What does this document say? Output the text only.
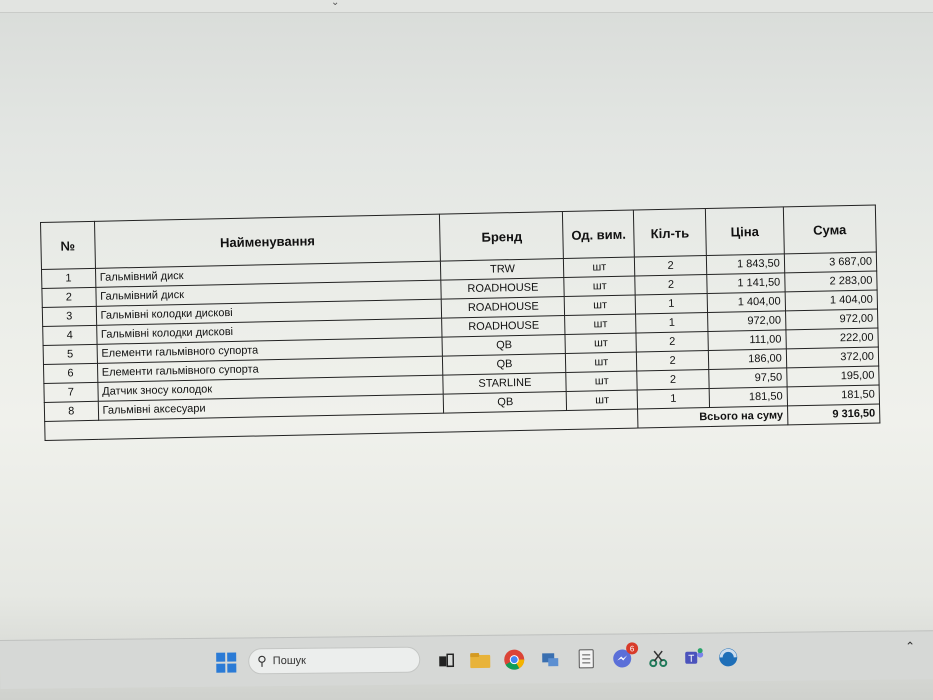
⌄
№	Найменування	Бренд	Од. вим.	Кіл-ть	Ціна	Сума
1	Гальмівний диск	TRW	шт	2	1 843,50	3 687,00
2	Гальмівний диск	ROADHOUSE	шт	2	1 141,50	2 283,00
3	Гальмівні колодки дискові	ROADHOUSE	шт	1	1 404,00	1 404,00
4	Гальмівні колодки дискові	ROADHOUSE	шт	1	972,00	972,00
5	Елементи гальмівного супорта	QB	шт	2	111,00	222,00
6	Елементи гальмівного супорта	QB	шт	2	186,00	372,00
7	Датчик зносу колодок	STARLINE	шт	2	97,50	195,00
8	Гальмівні аксесуари	QB	шт	1	181,50	181,50
				Всього на суму		9 316,50
⚲ Пошук
6
T
⌃
